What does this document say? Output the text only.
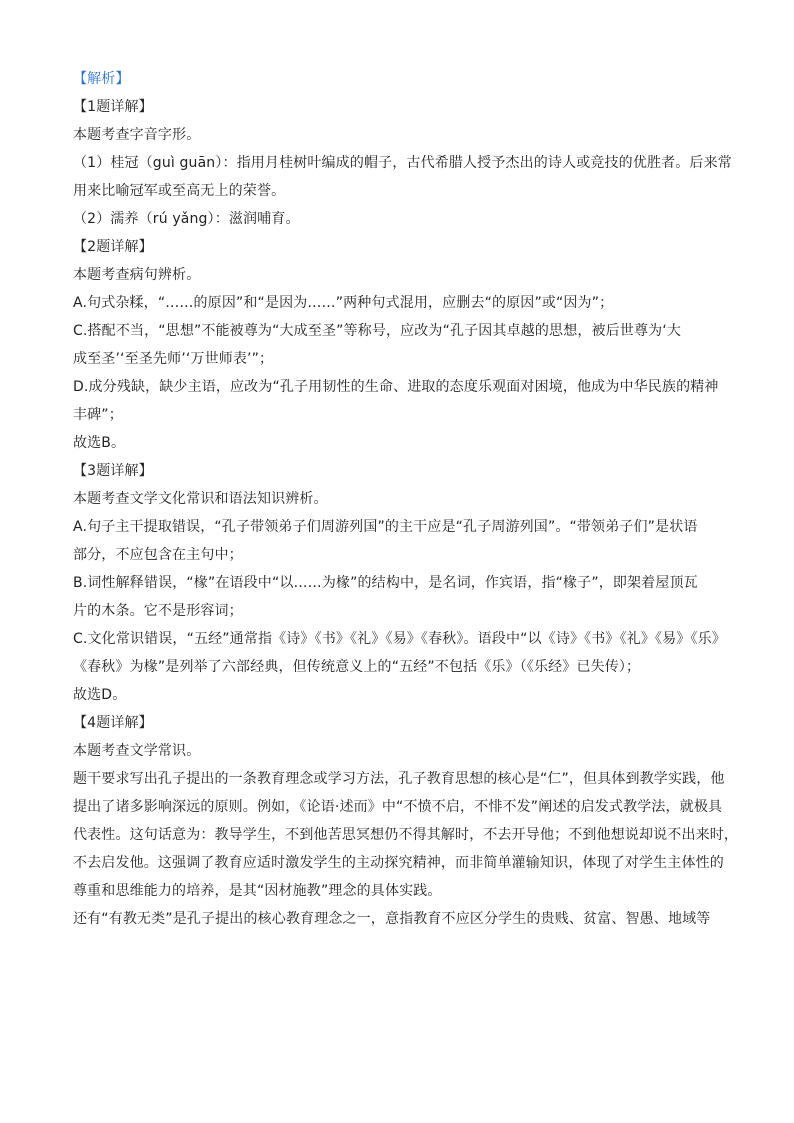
【解析】
【1题详解】
本题考查字音字形。
（1）桂冠（guì guān）：指用月桂树叶编成的帽子，古代希腊人授予杰出的诗人或竞技的优胜者。后来常
用来比喻冠军或至高无上的荣誉。
（2）濡养（rú yǎng）：滋润哺育。
【2题详解】
本题考查病句辨析。
A.句式杂糅，“……的原因”和“是因为……”两种句式混用，应删去“的原因”或“因为”；
C.搭配不当，“思想”不能被尊为“大成至圣”等称号，应改为“孔子因其卓越的思想，被后世尊为‘大
成至圣’‘至圣先师’‘万世师表’”；
D.成分残缺，缺少主语，应改为“孔子用韧性的生命、进取的态度乐观面对困境，他成为中华民族的精神
丰碑”；
故选B。
【3题详解】
本题考查文学文化常识和语法知识辨析。
A.句子主干提取错误，“孔子带领弟子们周游列国”的主干应是“孔子周游列国”。“带领弟子们”是状语
部分，不应包含在主句中；
B.词性解释错误，“椽”在语段中“以……为椽”的结构中，是名词，作宾语，指“椽子”，即架着屋顶瓦
片的木条。它不是形容词；
C.文化常识错误，“五经”通常指《诗》《书》《礼》《易》《春秋》。语段中“以《诗》《书》《礼》《易》《乐》
《春秋》为椽”是列举了六部经典，但传统意义上的“五经”不包括《乐》（《乐经》已失传）；
故选D。
【4题详解】
本题考查文学常识。
题干要求写出孔子提出的一条教育理念或学习方法，孔子教育思想的核心是“仁”，但具体到教学实践，他
提出了诸多影响深远的原则。例如，《论语·述而》中“不愤不启，不悱不发”阐述的启发式教学法，就极具
代表性。这句话意为：教导学生，不到他苦思冥想仍不得其解时，不去开导他；不到他想说却说不出来时，
不去启发他。这强调了教育应适时激发学生的主动探究精神，而非简单灌输知识，体现了对学生主体性的
尊重和思维能力的培养，是其“因材施教”理念的具体实践。
还有“有教无类”是孔子提出的核心教育理念之一，意指教育不应区分学生的贵贱、贫富、智愚、地域等
